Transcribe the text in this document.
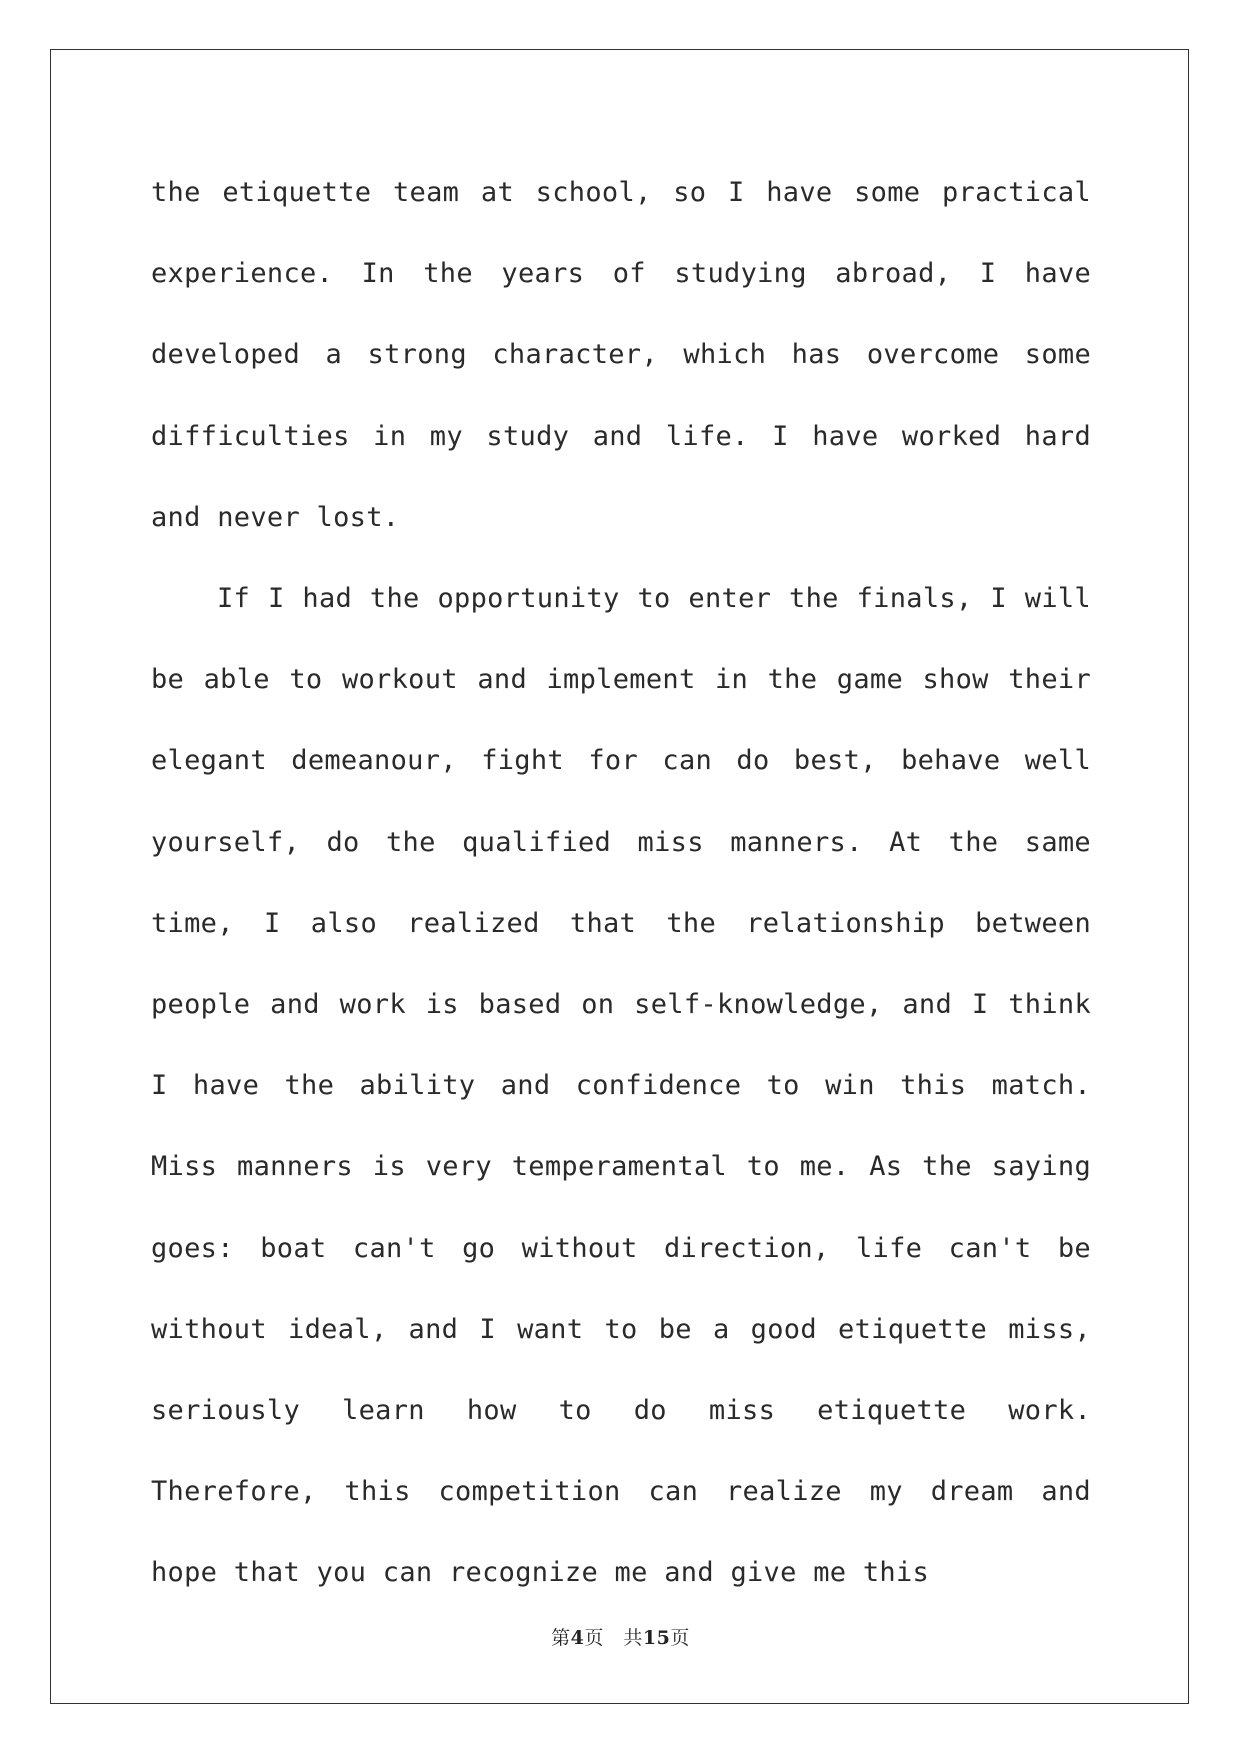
the etiquette team at school, so I have some practical experience. In the years of studying abroad, I have developed a strong character, which has overcome some difficulties in my study and life. I have worked hard and never lost.

If I had the opportunity to enter the finals, I will be able to workout and implement in the game show their elegant demeanour, fight for can do best, behave well yourself, do the qualified miss manners. At the same time, I also realized that the relationship between people and work is based on self-knowledge, and I think I have the ability and confidence to win this match. Miss manners is very temperamental to me. As the saying goes: boat can't go without direction, life can't be without ideal, and I want to be a good etiquette miss, seriously learn how to do miss etiquette work. Therefore, this competition can realize my dream and hope that you can recognize me and give me this

第4页　共15页
